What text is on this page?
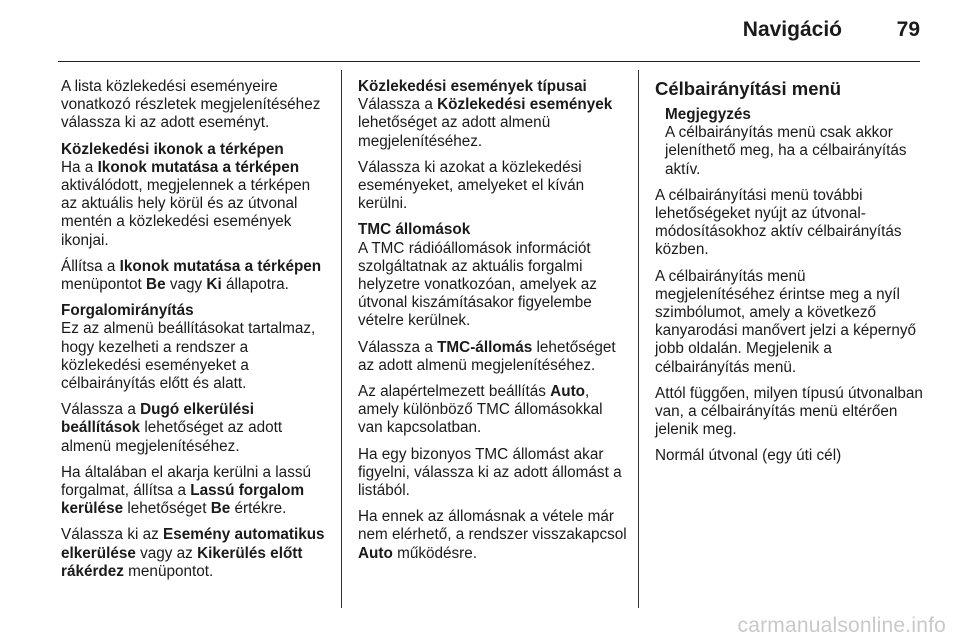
Navigáció	79

A lista közlekedési eseményeire vonatkozó részletek megjelenítéséhez válassza ki az adott eseményt.

Közlekedési ikonok a térképen

Ha a Ikonok mutatása a térképen aktiválódott, megjelennek a térképen az aktuális hely körül és az útvonal mentén a közlekedési események ikonjai.

Állítsa a Ikonok mutatása a térképen menüpontot Be vagy Ki állapotra.

Forgalomirányítás

Ez az almenü beállításokat tartalmaz, hogy kezelheti a rendszer a közlekedési eseményeket a célbairányítás előtt és alatt.

Válassza a Dugó elkerülési beállítások lehetőséget az adott almenü megjelenítéséhez.

Ha általában el akarja kerülni a lassú forgalmat, állítsa a Lassú forgalom kerülése lehetőséget Be értékre.

Válassza ki az Esemény automatikus elkerülése vagy az Kikerülés előtt rákérdez menüpontot.

Közlekedési események típusai

Válassza a Közlekedési események lehetőséget az adott almenü megjelenítéséhez.

Válassza ki azokat a közlekedési eseményeket, amelyeket el kíván kerülni.

TMC állomások

A TMC rádióállomások információt szolgáltatnak az aktuális forgalmi helyzetre vonatkozóan, amelyek az útvonal kiszámításakor figyelembe vételre kerülnek.

Válassza a TMC-állomás lehetőséget az adott almenü megjelenítéséhez.

Az alapértelmezett beállítás Auto, amely különböző TMC állomásokkal van kapcsolatban.

Ha egy bizonyos TMC állomást akar figyelni, válassza ki az adott állomást a listából.

Ha ennek az állomásnak a vétele már nem elérhető, a rendszer visszakapcsol Auto működésre.

Célbairányítási menü

Megjegyzés

A célbairányítás menü csak akkor jeleníthető meg, ha a célbairányítás aktív.

A célbairányítási menü további lehetőségeket nyújt az útvonal-módosításokhoz aktív célbairányítás közben.

A célbairányítás menü megjelenítéséhez érintse meg a nyíl szimbólumot, amely a következő kanyarodási manővert jelzi a képernyő jobb oldalán. Megjelenik a célbairányítás menü.

Attól függően, milyen típusú útvonalban van, a célbairányítás menü eltérően jelenik meg.

Normál útvonal (egy úti cél)

carmanualsonline.info
